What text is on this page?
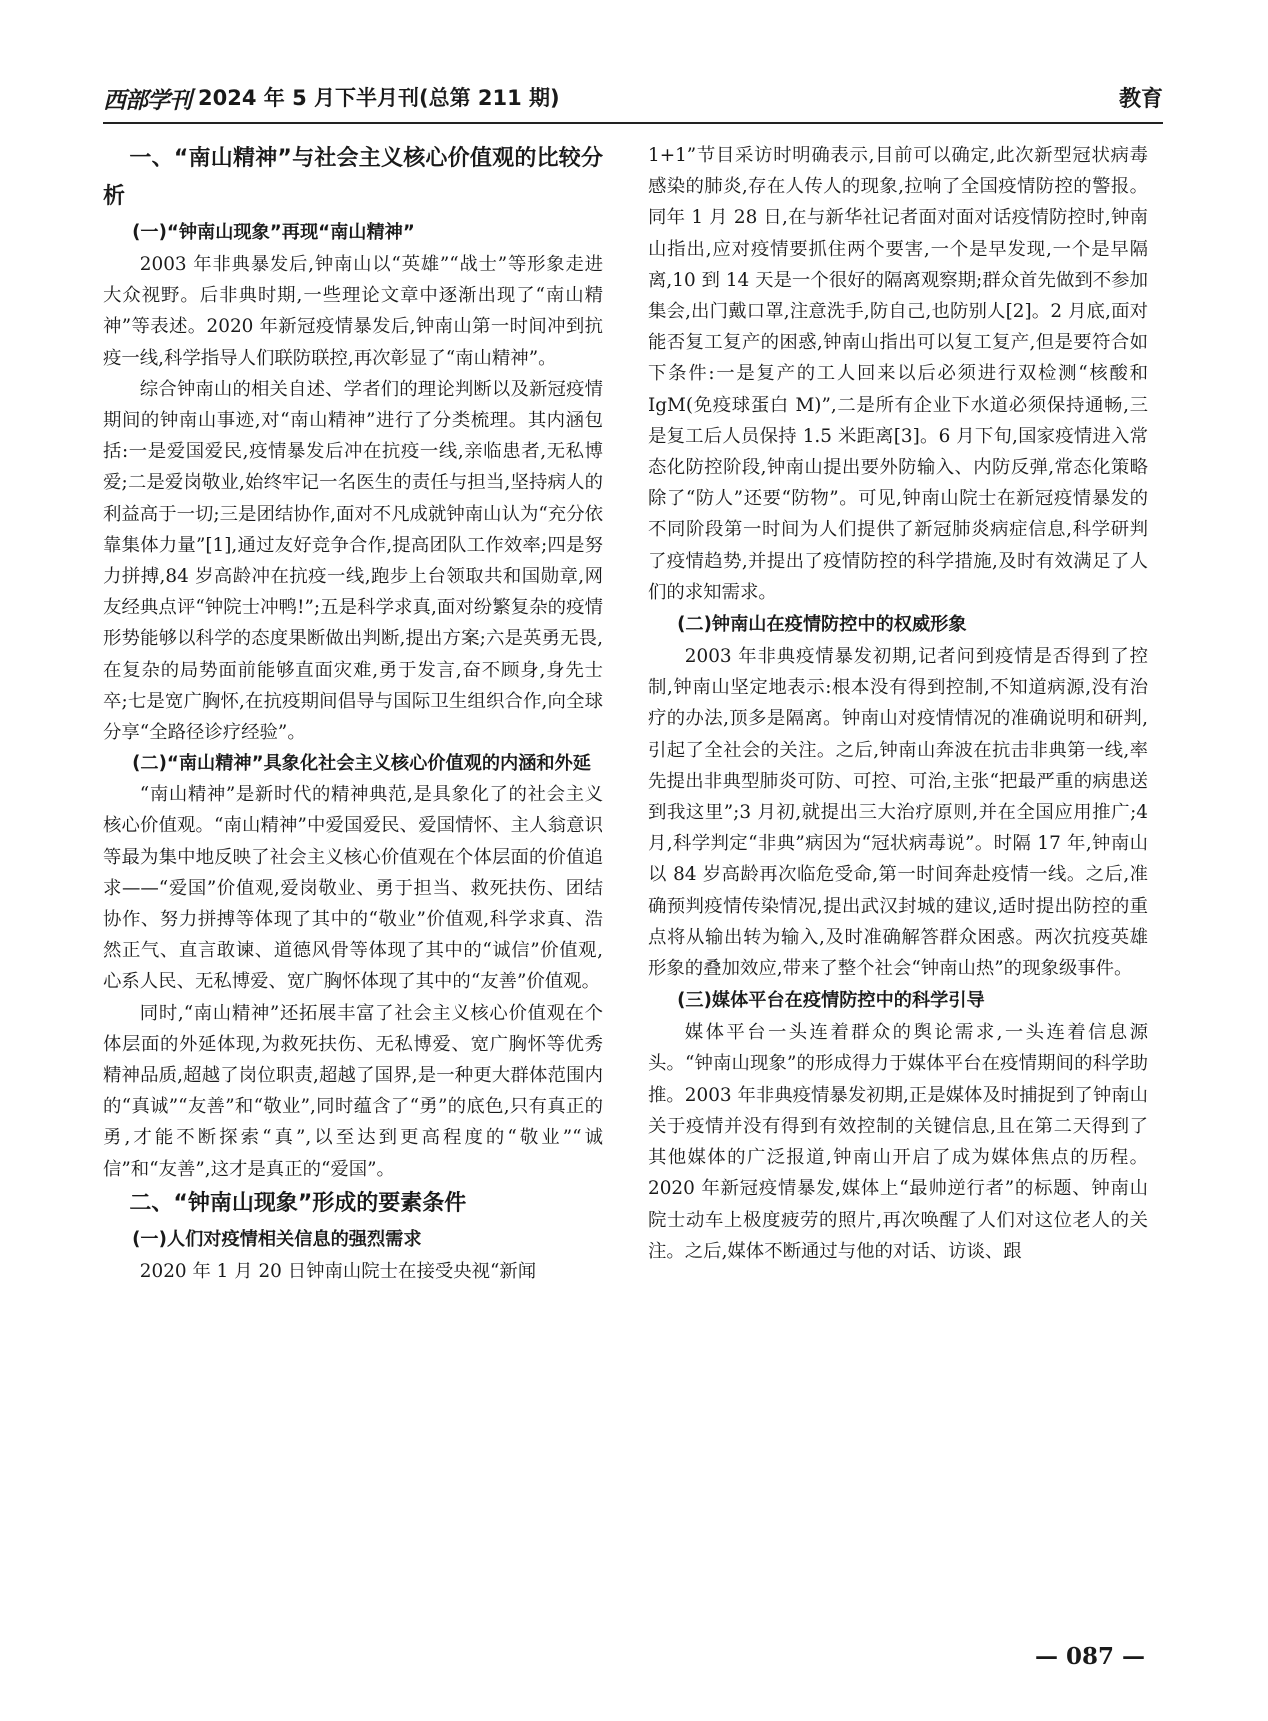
西部学刊 2024 年 5 月下半月刊(总第 211 期)	教育
一、“南山精神”与社会主义核心价值观的比较分析
(一)“钟南山现象”再现“南山精神”

2003 年非典暴发后,钟南山以“英雄”“战士”等形象走进大众视野。后非典时期,一些理论文章中逐渐出现了“南山精神”等表述。2020 年新冠疫情暴发后,钟南山第一时间冲到抗疫一线,科学指导人们联防联控,再次彰显了“南山精神”。

综合钟南山的相关自述、学者们的理论判断以及新冠疫情期间的钟南山事迹,对“南山精神”进行了分类梳理。其内涵包括:一是爱国爱民,疫情暴发后冲在抗疫一线,亲临患者,无私博爱;二是爱岗敬业,始终牢记一名医生的责任与担当,坚持病人的利益高于一切;三是团结协作,面对不凡成就钟南山认为“充分依靠集体力量”[1],通过友好竞争合作,提高团队工作效率;四是努力拼搏,84 岁高龄冲在抗疫一线,跑步上台领取共和国勋章,网友经典点评“钟院士冲鸭!”;五是科学求真,面对纷繁复杂的疫情形势能够以科学的态度果断做出判断,提出方案;六是英勇无畏,在复杂的局势面前能够直面灾难,勇于发言,奋不顾身,身先士卒;七是宽广胸怀,在抗疫期间倡导与国际卫生组织合作,向全球分享“全路径诊疗经验”。

(二)“南山精神”具象化社会主义核心价值观的内涵和外延

“南山精神”是新时代的精神典范,是具象化了的社会主义核心价值观。“南山精神”中爱国爱民、爱国情怀、主人翁意识等最为集中地反映了社会主义核心价值观在个体层面的价值追求——“爱国”价值观,爱岗敬业、勇于担当、救死扶伤、团结协作、努力拼搏等体现了其中的“敬业”价值观,科学求真、浩然正气、直言敢谏、道德风骨等体现了其中的“诚信”价值观,心系人民、无私博爱、宽广胸怀体现了其中的“友善”价值观。

同时,“南山精神”还拓展丰富了社会主义核心价值观在个体层面的外延体现,为救死扶伤、无私博爱、宽广胸怀等优秀精神品质,超越了岗位职责,超越了国界,是一种更大群体范围内的“真诚”“友善”和“敬业”,同时蕴含了“勇”的底色,只有真正的勇,才能不断探索“真”,以至达到更高程度的“敬业”“诚信”和“友善”,这才是真正的“爱国”。

二、“钟南山现象”形成的要素条件
(一)人们对疫情相关信息的强烈需求

2020 年 1 月 20 日钟南山院士在接受央视“新闻

1+1”节目采访时明确表示,目前可以确定,此次新型冠状病毒感染的肺炎,存在人传人的现象,拉响了全国疫情防控的警报。同年 1 月 28 日,在与新华社记者面对面对话疫情防控时,钟南山指出,应对疫情要抓住两个要害,一个是早发现,一个是早隔离,10 到 14 天是一个很好的隔离观察期;群众首先做到不参加集会,出门戴口罩,注意洗手,防自己,也防别人[2]。2 月底,面对能否复工复产的困惑,钟南山指出可以复工复产,但是要符合如下条件:一是复产的工人回来以后必须进行双检测“核酸和 IgM(免疫球蛋白 M)”,二是所有企业下水道必须保持通畅,三是复工后人员保持 1.5 米距离[3]。6 月下旬,国家疫情进入常态化防控阶段,钟南山提出要外防输入、内防反弹,常态化策略除了“防人”还要“防物”。可见,钟南山院士在新冠疫情暴发的不同阶段第一时间为人们提供了新冠肺炎病症信息,科学研判了疫情趋势,并提出了疫情防控的科学措施,及时有效满足了人们的求知需求。

(二)钟南山在疫情防控中的权威形象

2003 年非典疫情暴发初期,记者问到疫情是否得到了控制,钟南山坚定地表示:根本没有得到控制,不知道病源,没有治疗的办法,顶多是隔离。钟南山对疫情情况的准确说明和研判,引起了全社会的关注。之后,钟南山奔波在抗击非典第一线,率先提出非典型肺炎可防、可控、可治,主张“把最严重的病患送到我这里”;3 月初,就提出三大治疗原则,并在全国应用推广;4 月,科学判定“非典”病因为“冠状病毒说”。时隔 17 年,钟南山以 84 岁高龄再次临危受命,第一时间奔赴疫情一线。之后,准确预判疫情传染情况,提出武汉封城的建议,适时提出防控的重点将从输出转为输入,及时准确解答群众困惑。两次抗疫英雄形象的叠加效应,带来了整个社会“钟南山热”的现象级事件。

(三)媒体平台在疫情防控中的科学引导

媒体平台一头连着群众的舆论需求,一头连着信息源头。“钟南山现象”的形成得力于媒体平台在疫情期间的科学助推。2003 年非典疫情暴发初期,正是媒体及时捕捉到了钟南山关于疫情并没有得到有效控制的关键信息,且在第二天得到了其他媒体的广泛报道,钟南山开启了成为媒体焦点的历程。2020 年新冠疫情暴发,媒体上“最帅逆行者”的标题、钟南山院士动车上极度疲劳的照片,再次唤醒了人们对这位老人的关注。之后,媒体不断通过与他的对话、访谈、跟

— 087 —
